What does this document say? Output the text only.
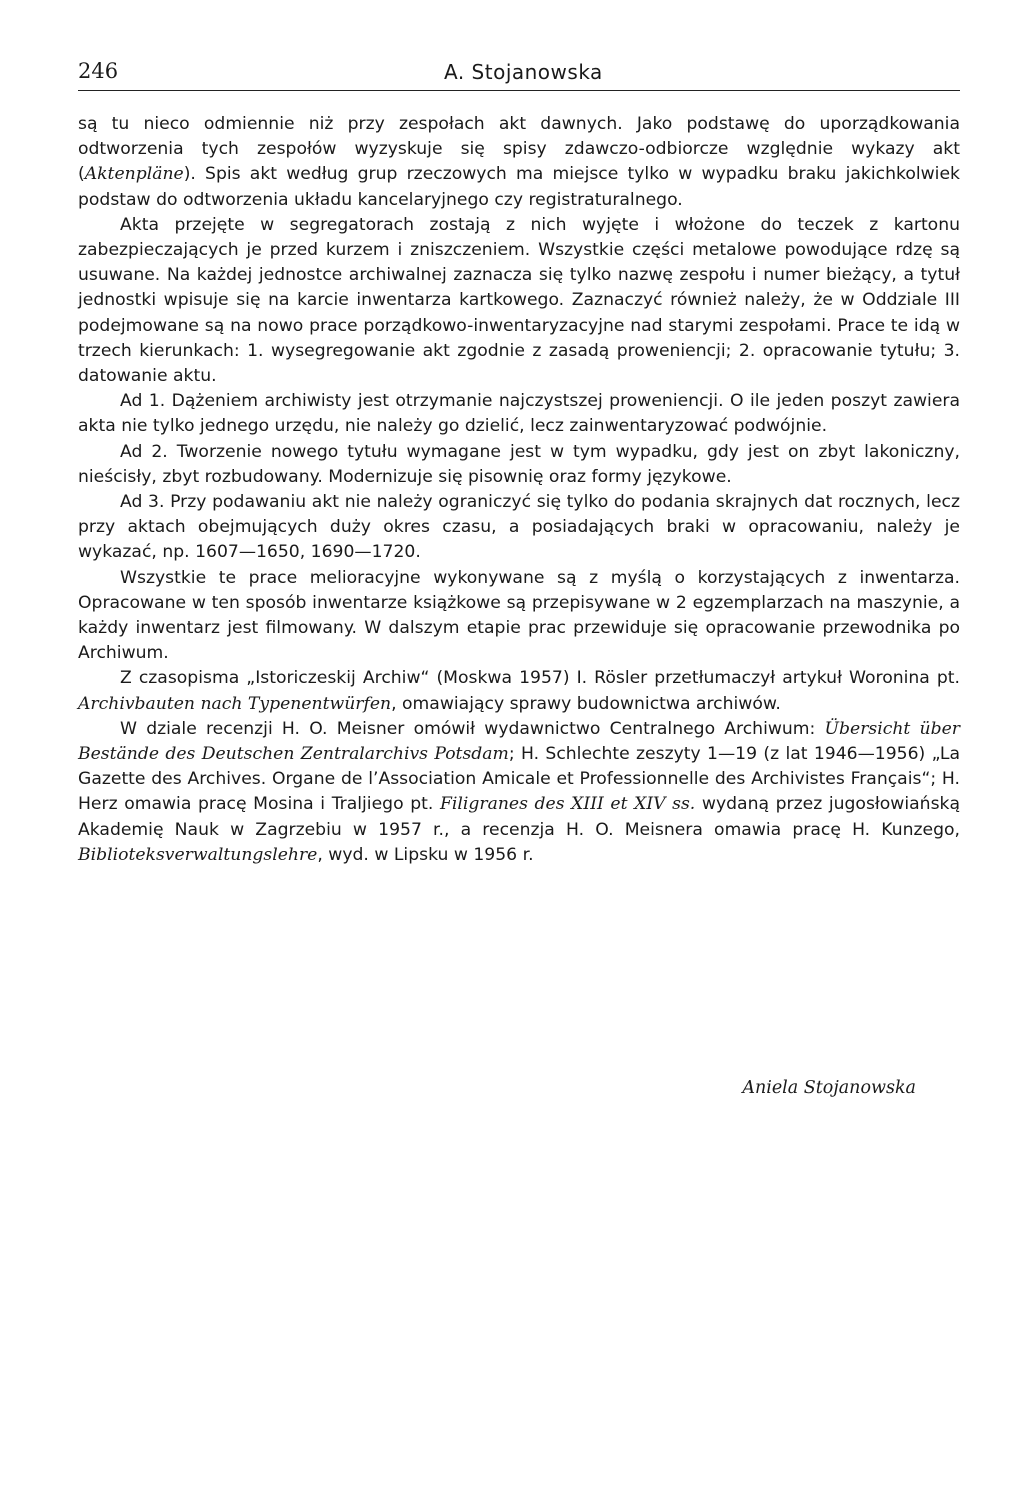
246	A. Stojanowska

są tu nieco odmiennie niż przy zespołach akt dawnych. Jako podstawę do uporządkowania odtworzenia tych zespołów wyzyskuje się spisy zdawczo-odbiorcze względnie wykazy akt (Aktenpläne). Spis akt według grup rzeczowych ma miejsce tylko w wypadku braku jakichkolwiek podstaw do odtworzenia układu kancelaryjnego czy registraturalnego.

Akta przejęte w segregatorach zostają z nich wyjęte i włożone do teczek z kartonu zabezpieczających je przed kurzem i zniszczeniem. Wszystkie części metalowe powodujące rdzę są usuwane. Na każdej jednostce archiwalnej zaznacza się tylko nazwę zespołu i numer bieżący, a tytuł jednostki wpisuje się na karcie inwentarza kartkowego. Zaznaczyć również należy, że w Oddziale III podejmowane są na nowo prace porządkowo-inwentaryzacyjne nad starymi zespołami. Prace te idą w trzech kierunkach: 1. wysegregowanie akt zgodnie z zasadą proweniencji; 2. opracowanie tytułu; 3. datowanie aktu.

Ad 1. Dążeniem archiwisty jest otrzymanie najczystszej proweniencji. O ile jeden poszyt zawiera akta nie tylko jednego urzędu, nie należy go dzielić, lecz zainwentaryzować podwójnie.

Ad 2. Tworzenie nowego tytułu wymagane jest w tym wypadku, gdy jest on zbyt lakoniczny, nieścisły, zbyt rozbudowany. Modernizuje się pisownię oraz formy językowe.

Ad 3. Przy podawaniu akt nie należy ograniczyć się tylko do podania skrajnych dat rocznych, lecz przy aktach obejmujących duży okres czasu, a posiadających braki w opracowaniu, należy je wykazać, np. 1607—1650, 1690—1720.

Wszystkie te prace melioracyjne wykonywane są z myślą o korzystających z inwentarza. Opracowane w ten sposób inwentarze książkowe są przepisywane w 2 egzemplarzach na maszynie, a każdy inwentarz jest filmowany. W dalszym etapie prac przewiduje się opracowanie przewodnika po Archiwum.

Z czasopisma „Istoriczeskij Archiw“ (Moskwa 1957) I. Rösler przetłumaczył artykuł Woronina pt. Archivbauten nach Typenentwürfen, omawiający sprawy budownictwa archiwów.

W dziale recenzji H. O. Meisner omówił wydawnictwo Centralnego Archiwum: Übersicht über Bestände des Deutschen Zentralarchivs Potsdam; H. Schlechte zeszyty 1—19 (z lat 1946—1956) „La Gazette des Archives. Organe de l’Association Amicale et Professionnelle des Archivistes Français“; H. Herz omawia pracę Mosina i Traljiego pt. Filigranes des XIII et XIV ss. wydaną przez jugosłowiańską Akademię Nauk w Zagrzebiu w 1957 r., a recenzja H. O. Meisnera omawia pracę H. Kunzego, Biblioteksverwaltungslehre, wyd. w Lipsku w 1956 r.

Aniela Stojanowska
